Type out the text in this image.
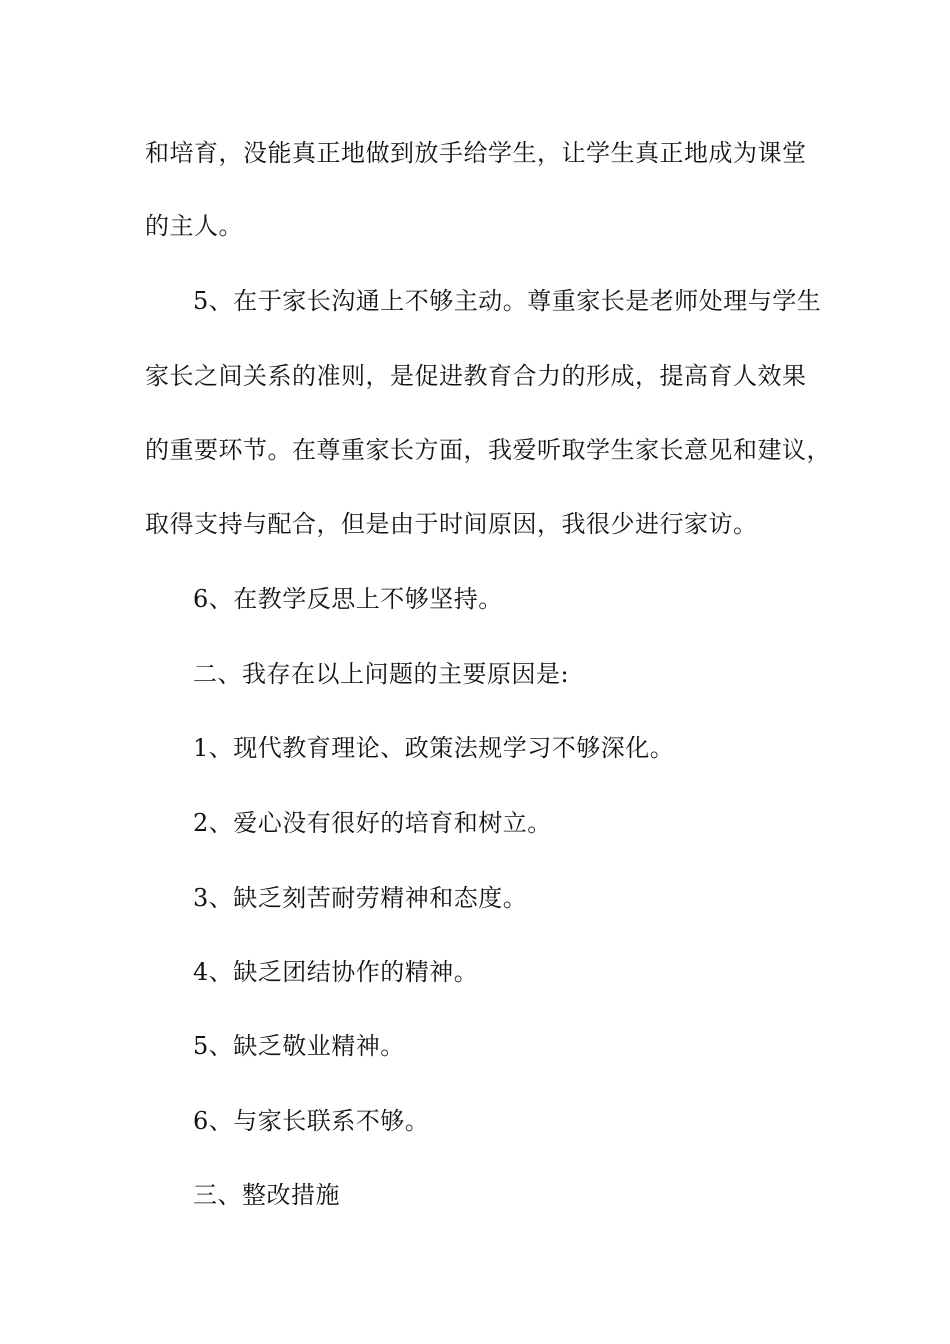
和培育，没能真正地做到放手给学生，让学生真正地成为课堂
的主人。
5、在于家长沟通上不够主动。尊重家长是老师处理与学生
家长之间关系的准则，是促进教育合力的形成，提高育人效果
的重要环节。在尊重家长方面，我爱听取学生家长意见和建议，
取得支持与配合，但是由于时间原因，我很少进行家访。
6、在教学反思上不够坚持。
二、我存在以上问题的主要原因是:
1、现代教育理论、政策法规学习不够深化。
2、爱心没有很好的培育和树立。
3、缺乏刻苦耐劳精神和态度。
4、缺乏团结协作的精神。
5、缺乏敬业精神。
6、与家长联系不够。
三、整改措施
